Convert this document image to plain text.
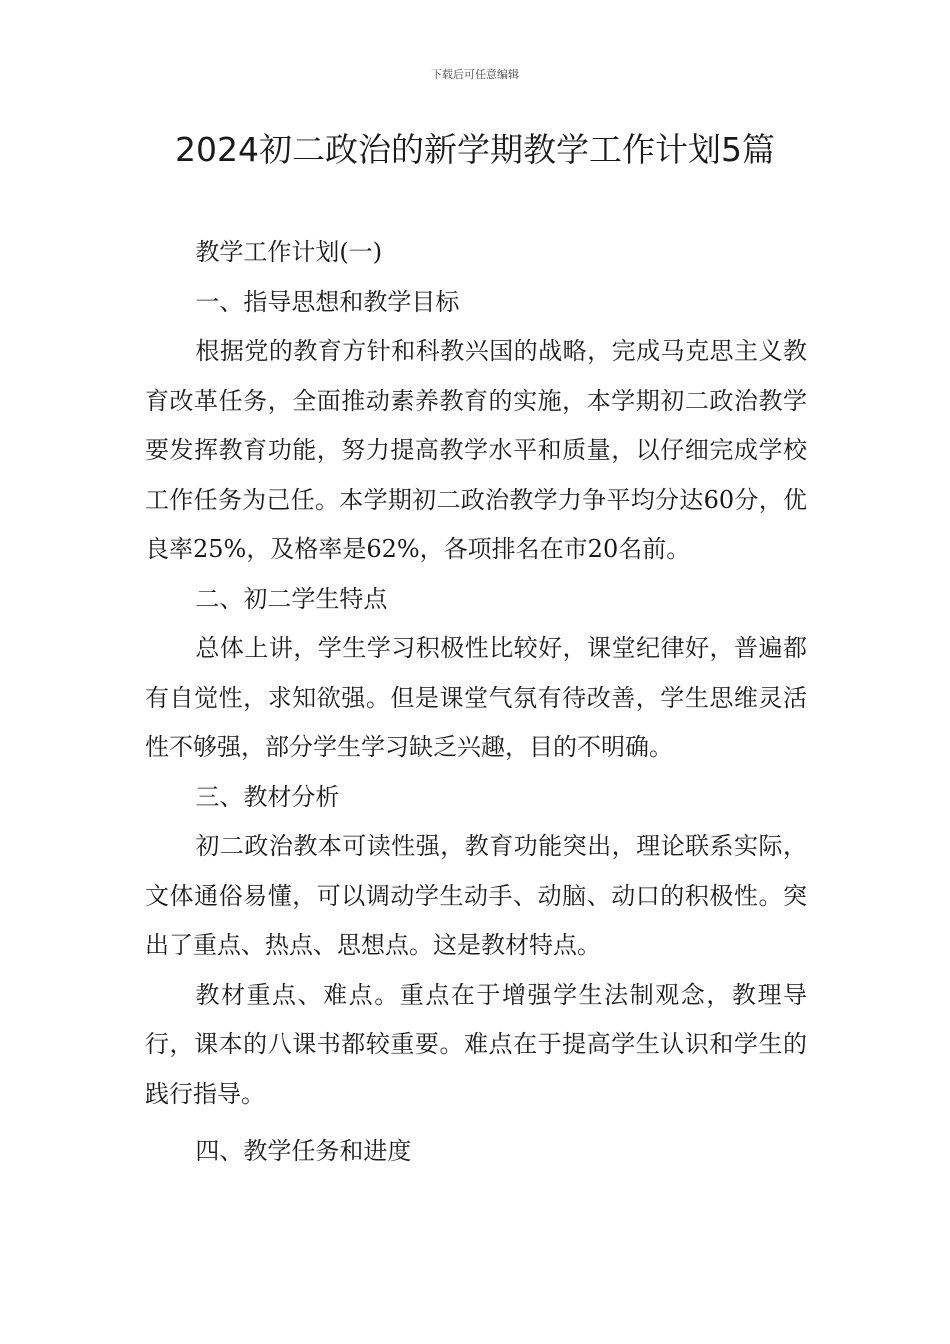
下载后可任意编辑
2024初二政治的新学期教学工作计划5篇

教学工作计划(一)

一、指导思想和教学目标

根据党的教育方针和科教兴国的战略，完成马克思主义教育改革任务，全面推动素养教育的实施，本学期初二政治教学要发挥教育功能，努力提高教学水平和质量，以仔细完成学校工作任务为己任。本学期初二政治教学力争平均分达60分，优良率25%，及格率是62%，各项排名在市20名前。

二、初二学生特点

总体上讲，学生学习积极性比较好，课堂纪律好，普遍都有自觉性，求知欲强。但是课堂气氛有待改善，学生思维灵活性不够强，部分学生学习缺乏兴趣，目的不明确。

三、教材分析

初二政治教本可读性强，教育功能突出，理论联系实际，文体通俗易懂，可以调动学生动手、动脑、动口的积极性。突出了重点、热点、思想点。这是教材特点。

教材重点、难点。重点在于增强学生法制观念，教理导行，课本的八课书都较重要。难点在于提高学生认识和学生的践行指导。

四、教学任务和进度
